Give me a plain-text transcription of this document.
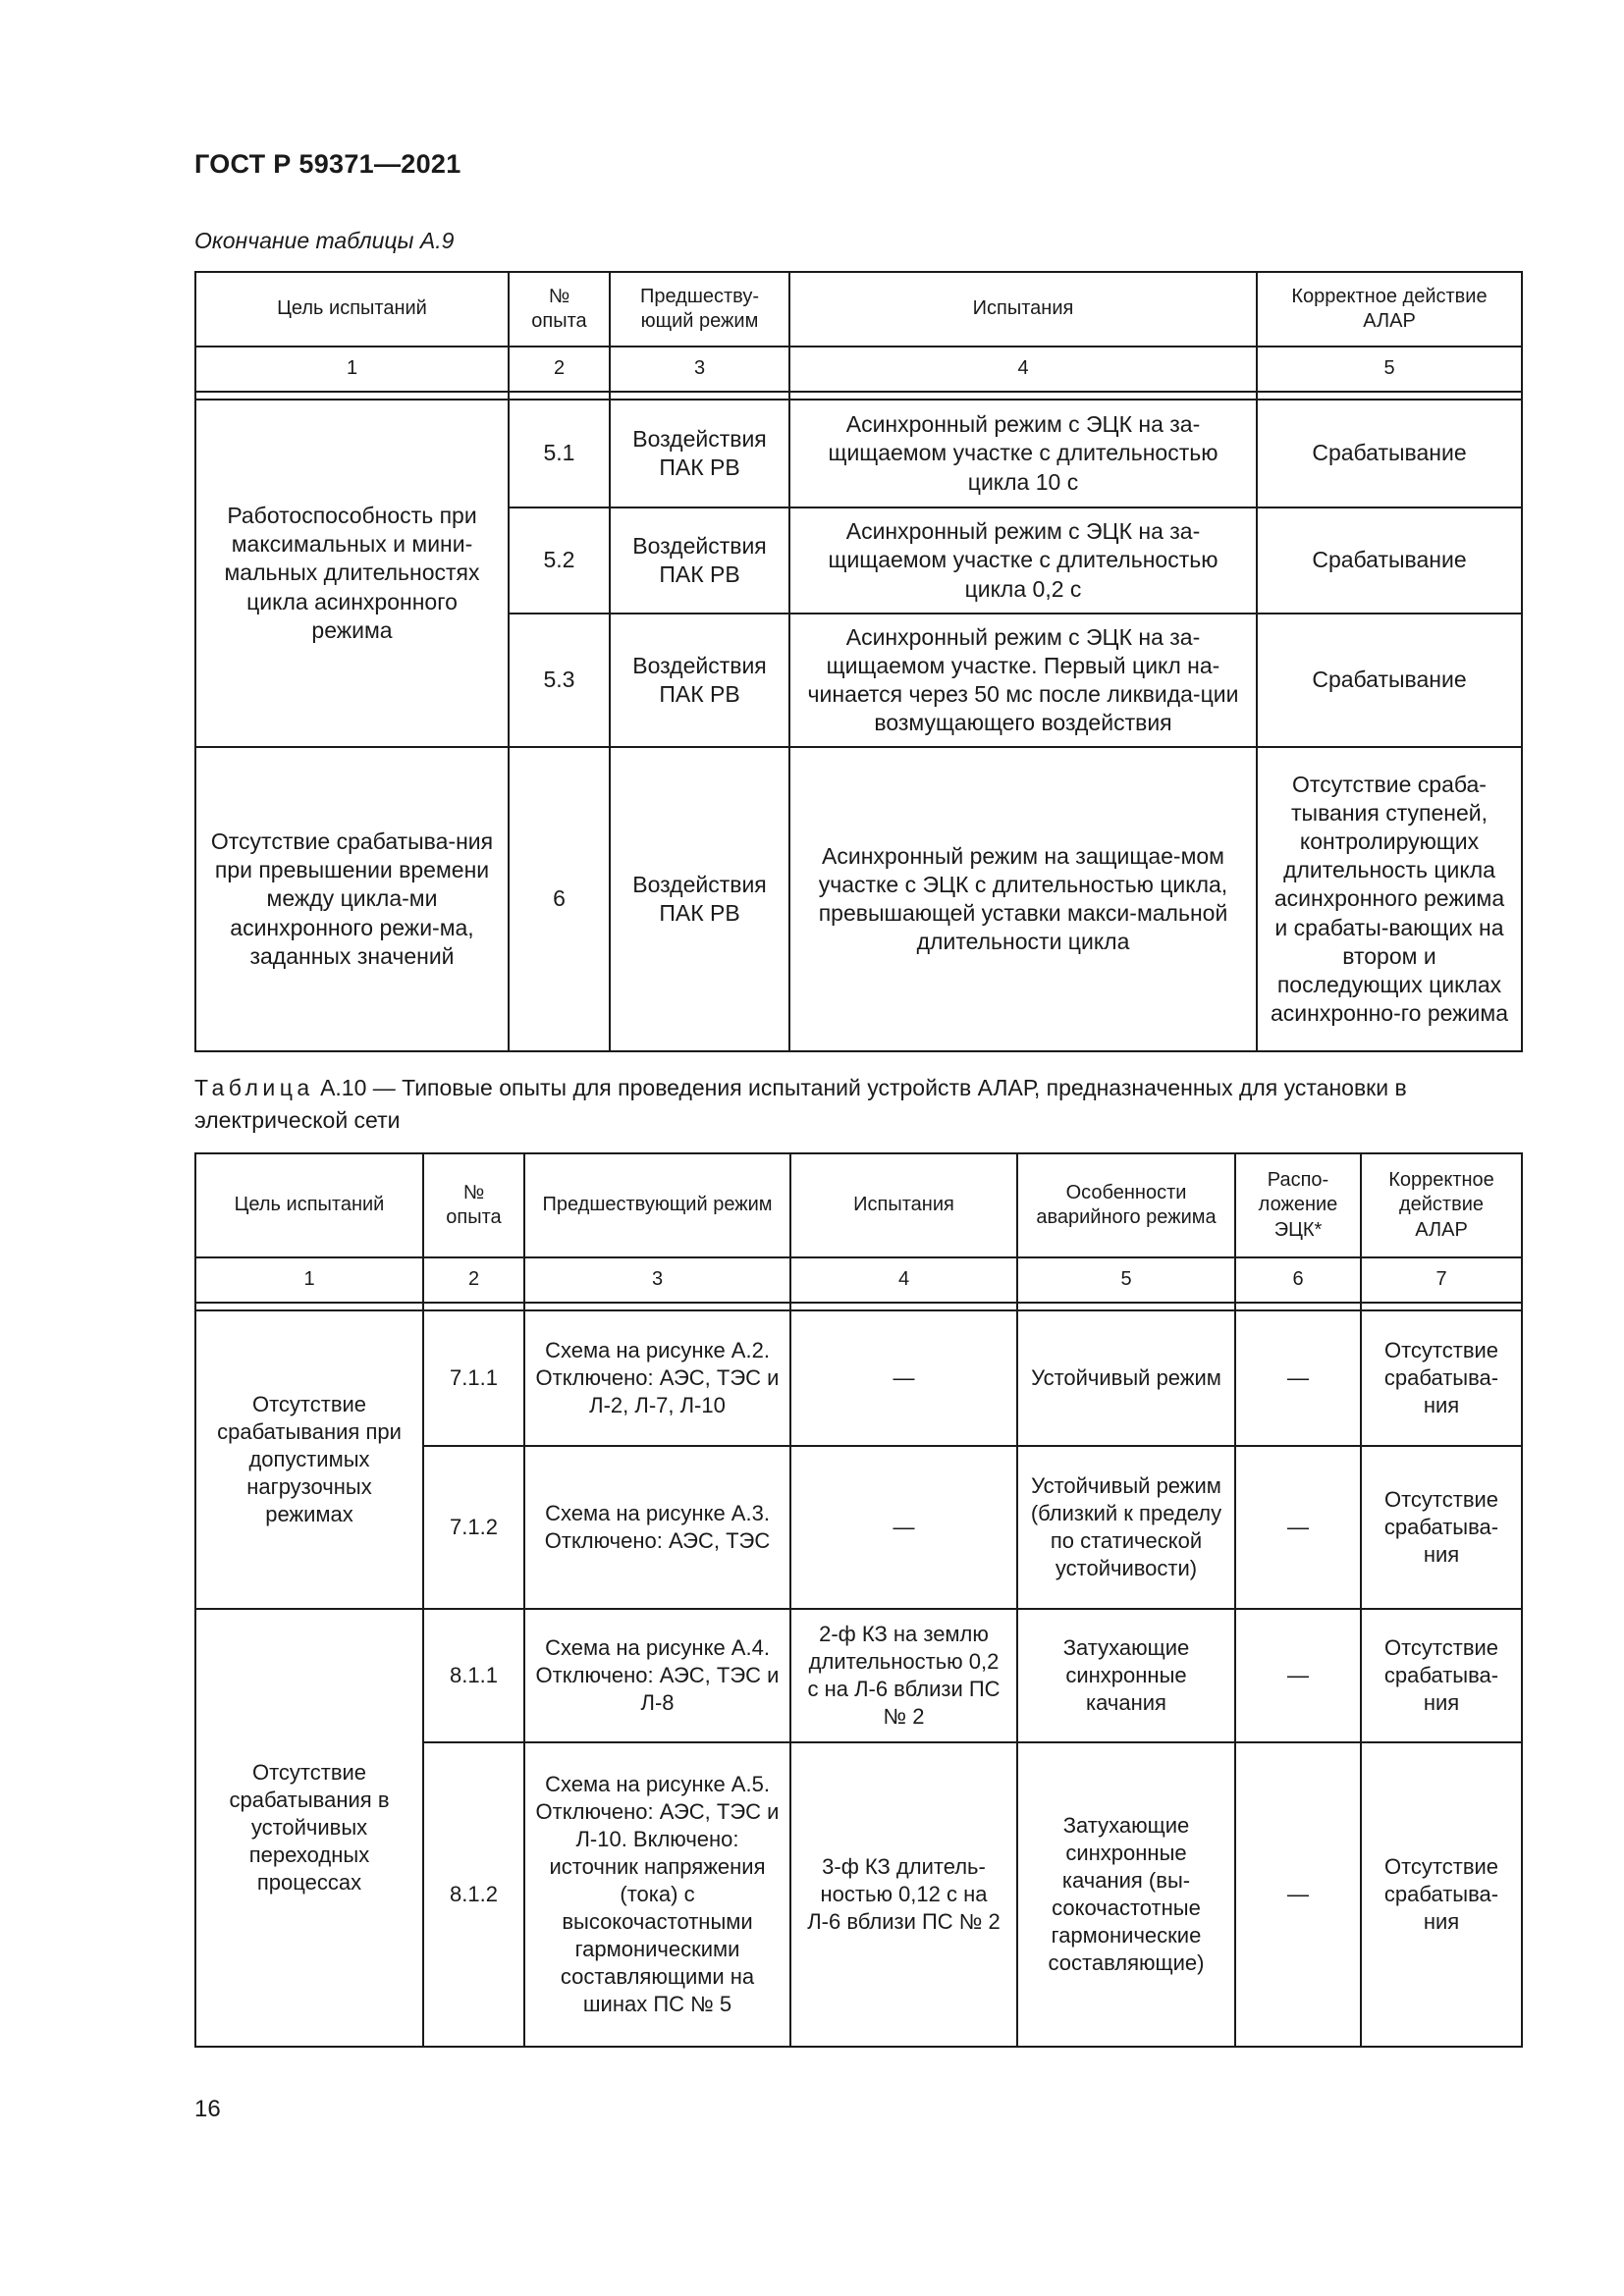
ГОСТ Р 59371—2021
Окончание таблицы А.9
Цель испытаний	№ опыта	Предшеству-ющий режим	Испытания	Корректное действие АЛАР
1	2	3	4	5

Работоспособность при максимальных и мини-мальных длительностях цикла асинхронного режима	5.1	Воздействия ПАК РВ	Асинхронный режим с ЭЦК на за-щищаемом участке с длительностью цикла 10 с	Срабатывание
	5.2	Воздействия ПАК РВ	Асинхронный режим с ЭЦК на за-щищаемом участке с длительностью цикла 0,2 с	Срабатывание
	5.3	Воздействия ПАК РВ	Асинхронный режим с ЭЦК на за-щищаемом участке. Первый цикл на-чинается через 50 мс после ликвида-ции возмущающего воздействия	Срабатывание
Отсутствие срабатыва-ния при превышении времени между цикла-ми асинхронного режи-ма, заданных значений	6	Воздействия ПАК РВ	Асинхронный режим на защищае-мом участке с ЭЦК с длительностью цикла, превышающей уставки макси-мальной длительности цикла	Отсутствие сраба-тывания ступеней, контролирующих длительность цикла асинхронного режима и срабаты-вающих на втором и последующих циклах асинхронно-го режима
Таблица А.10 — Типовые опыты для проведения испытаний устройств АЛАР, предназначенных для установки в электрической сети
Цель испытаний	№ опыта	Предшествующий режим	Испытания	Особенности аварийного режима	Распо-ложение ЭЦК*	Корректное действие АЛАР
1	2	3	4	5	6	7

Отсутствие срабатывания при допустимых нагрузочных режимах	7.1.1	Схема на рисунке А.2. Отключено: АЭС, ТЭС и Л-2, Л-7, Л-10	—	Устойчивый режим	—	Отсутствие срабатыва-ния
	7.1.2	Схема на рисунке А.3. Отключено: АЭС, ТЭС	—	Устойчивый режим (близкий к пределу по статической устойчивости)	—	Отсутствие срабатыва-ния
Отсутствие срабатывания в устойчивых переходных процессах	8.1.1	Схема на рисунке А.4. Отключено: АЭС, ТЭС и Л-8	2-ф КЗ на землю длительностью 0,2 с на Л-6 вблизи ПС № 2	Затухающие синхронные качания	—	Отсутствие срабатыва-ния
	8.1.2	Схема на рисунке А.5. Отключено: АЭС, ТЭС и Л-10. Включено: источник напряжения (тока) с высокочастотными гармоническими составляющими на шинах ПС № 5	3-ф КЗ длитель-ностью 0,12 с на Л-6 вблизи ПС № 2	Затухающие синхронные качания (вы-сокочастотные гармонические составляющие)	—	Отсутствие срабатыва-ния
16
